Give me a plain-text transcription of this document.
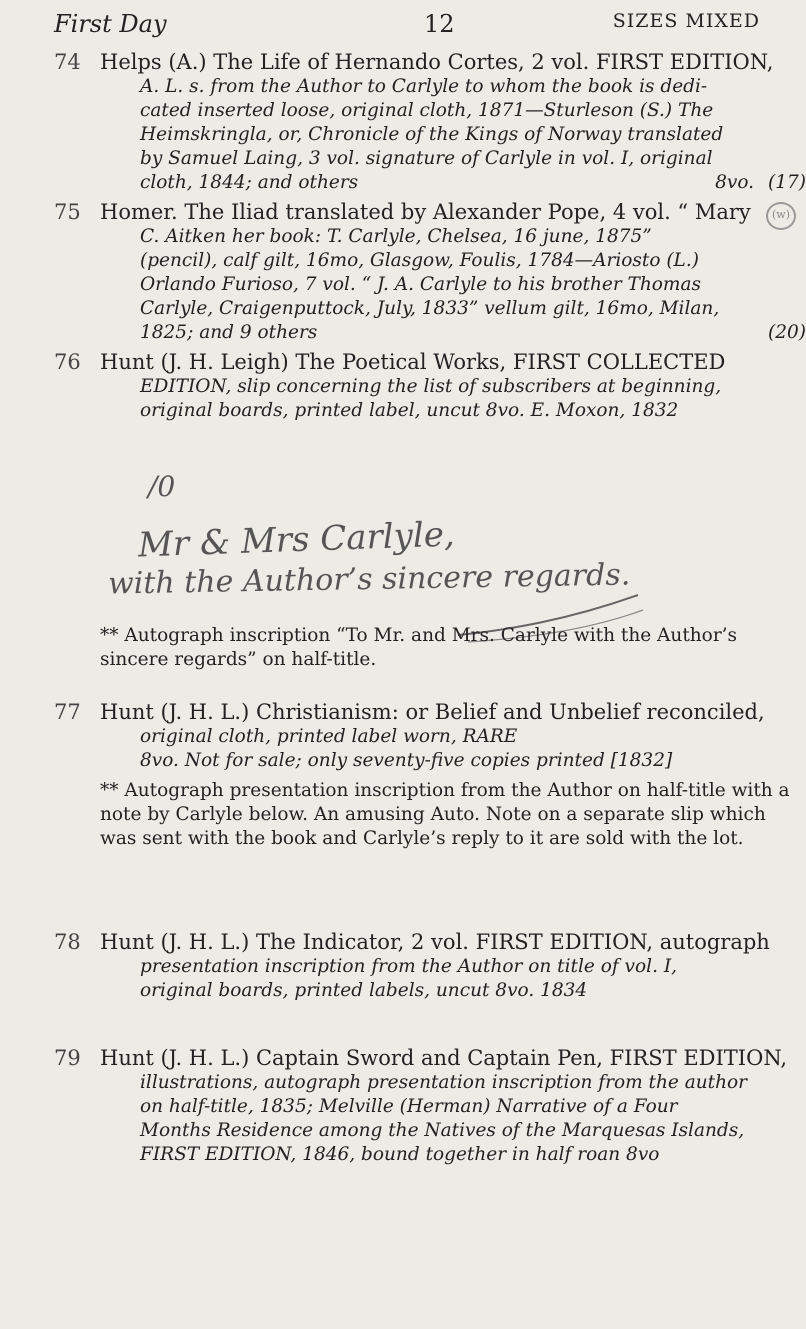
First Day	12	SIZES MIXED
(w)
74 Helps (A.) The Life of Hernando Cortes, 2 vol. FIRST EDITION,
A. L. s. from the Author to Carlyle to whom the book is dedi-
cated inserted loose, original cloth, 1871—Sturleson (S.) The
Heimskringla, or, Chronicle of the Kings of Norway translated
by Samuel Laing, 3 vol. signature of Carlyle in vol. I, original
cloth, 1844; and others	(17)
8vo.
75 Homer. The Iliad translated by Alexander Pope, 4 vol. “ Mary
C. Aitken her book: T. Carlyle, Chelsea, 16 june, 1875”
(pencil), calf gilt, 16mo, Glasgow, Foulis, 1784—Ariosto (L.)
Orlando Furioso, 7 vol. “ J. A. Carlyle to his brother Thomas
Carlyle, Craigenputtock, July, 1833” vellum gilt, 16mo, Milan,
1825; and 9 others	(20)
76 Hunt (J. H. Leigh) The Poetical Works, FIRST COLLECTED
EDITION, slip concerning the list of subscribers at beginning,
original boards, printed label, uncut 8vo. E. Moxon, 1832
/0
Mr & Mrs Carlyle,
with the Author’s sincere regards.
** Autograph inscription “To Mr. and Mrs. Carlyle with the Author’s sincere regards” on half-title.
77 Hunt (J. H. L.) Christianism: or Belief and Unbelief reconciled,
original cloth, printed label worn, RARE
8vo. Not for sale; only seventy-five copies printed [1832]
** Autograph presentation inscription from the Author on half-title with a note by Carlyle below. An amusing Auto. Note on a separate slip which was sent with the book and Carlyle’s reply to it are sold with the lot.
78 Hunt (J. H. L.) The Indicator, 2 vol. FIRST EDITION, autograph
presentation inscription from the Author on title of vol. I,
original boards, printed labels, uncut 8vo. 1834
79 Hunt (J. H. L.) Captain Sword and Captain Pen, FIRST EDITION,
illustrations, autograph presentation inscription from the author
on half-title, 1835; Melville (Herman) Narrative of a Four
Months Residence among the Natives of the Marquesas Islands,
FIRST EDITION, 1846, bound together in half roan 8vo
